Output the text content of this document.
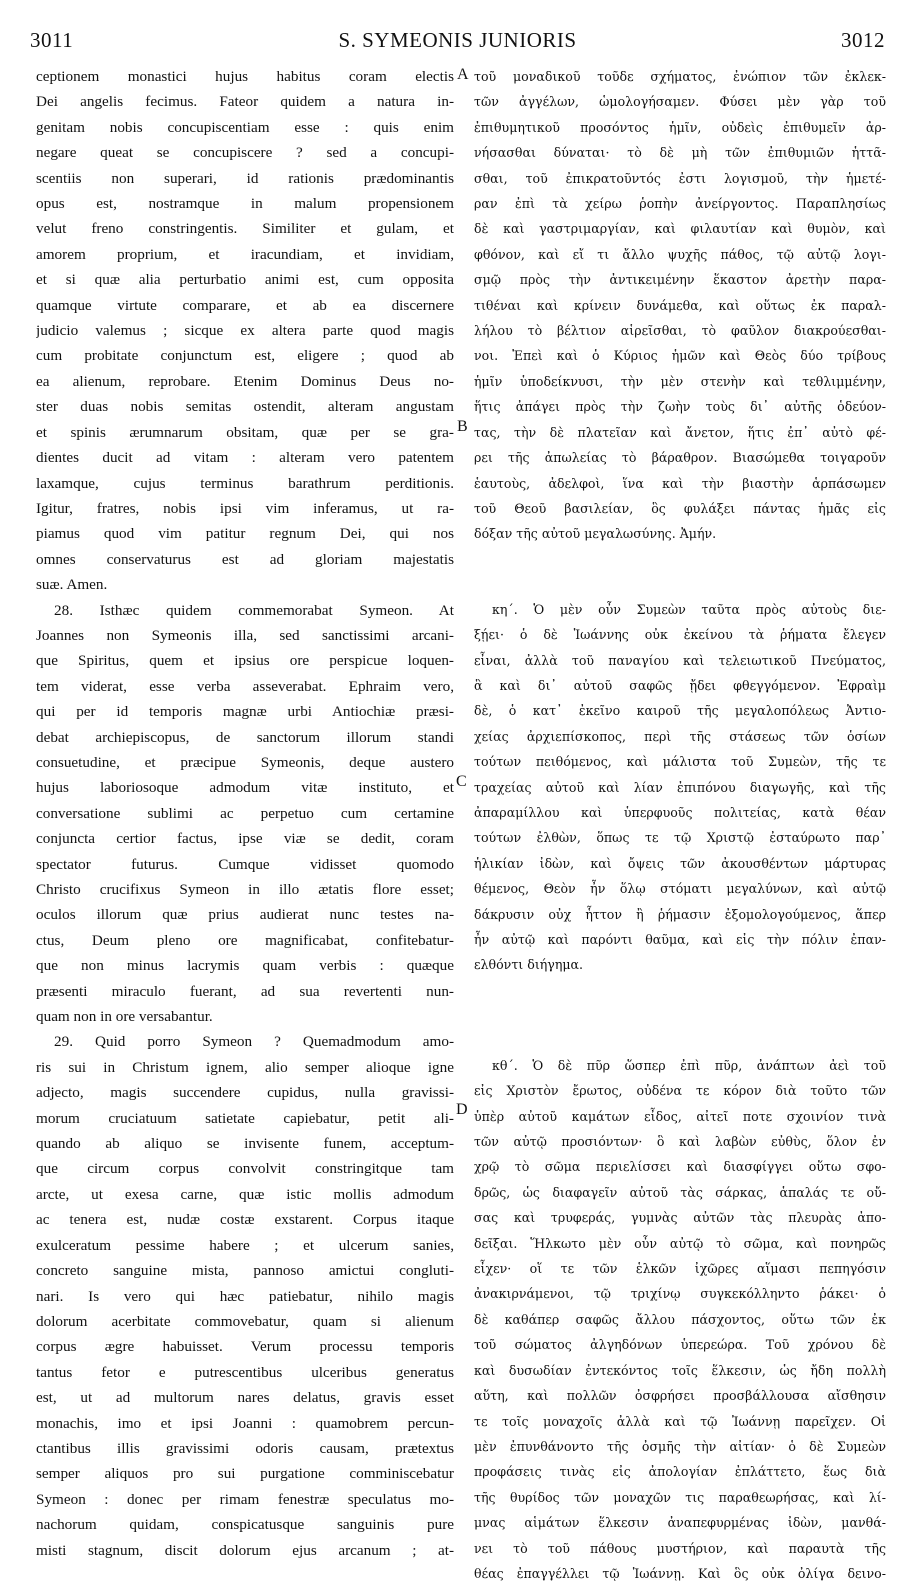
3011	S. SYMEONIS JUNIORIS	3012
A
B
C
D
ceptionem monastici hujus habitus coram electis
Dei angelis fecimus. Fateor quidem a natura in-
genitam nobis concupiscentiam esse : quis enim
negare queat se concupiscere ? sed a concupi-
scentiis non superari, id rationis prædominantis
opus est, nostramque in malum propensionem
velut freno constringentis. Similiter et gulam, et
amorem proprium, et iracundiam, et invidiam,
et si quæ alia perturbatio animi est, cum opposita
quamque virtute comparare, et ab ea discernere
judicio valemus ; sicque ex altera parte quod magis
cum probitate conjunctum est, eligere ; quod ab
ea alienum, reprobare. Etenim Dominus Deus no-
ster duas nobis semitas ostendit, alteram angustam
et spinis ærumnarum obsitam, quæ per se gra-
dientes ducit ad vitam : alteram vero patentem
laxamque, cujus terminus barathrum perditionis.
Igitur, fratres, nobis ipsi vim inferamus, ut ra-
piamus quod vim patitur regnum Dei, qui nos
omnes conservaturus est ad gloriam majestatis
suæ. Amen.
28. Isthæc quidem commemorabat Symeon. At
Joannes non Symeonis illa, sed sanctissimi arcani-
que Spiritus, quem et ipsius ore perspicue loquen-
tem viderat, esse verba asseverabat. Ephraim vero,
qui per id temporis magnæ urbi Antiochiæ præsi-
debat archiepiscopus, de sanctorum illorum standi
consuetudine, et præcipue Symeonis, deque austero
hujus laboriosoque admodum vitæ instituto, et
conversatione sublimi ac perpetuo cum certamine
conjuncta certior factus, ipse viæ se dedit, coram
spectator futurus. Cumque vidisset quomodo
Christo crucifixus Symeon in illo ætatis flore esset;
oculos illorum quæ prius audierat nunc testes na-
ctus, Deum pleno ore magnificabat, confitebatur-
que non minus lacrymis quam verbis : quæque
præsenti miraculo fuerant, ad sua revertenti nun-
quam non in ore versabantur.
29. Quid porro Symeon ? Quemadmodum amo-
ris sui in Christum ignem, alio semper alioque igne
adjecto, magis succendere cupidus, nulla gravissi-
morum cruciatuum satietate capiebatur, petit ali-
quando ab aliquo se invisente funem, acceptum-
que circum corpus convolvit constringitque tam
arcte, ut exesa carne, quæ istic mollis admodum
ac tenera est, nudæ costæ exstarent. Corpus itaque
exulceratum pessime habere ; et ulcerum sanies,
concreto sanguine mista, pannoso amictui congluti-
nari. Is vero qui hæc patiebatur, nihilo magis
dolorum acerbitate commovebatur, quam si alienum
corpus ægre habuisset. Verum processu temporis
tantus fetor e putrescentibus ulceribus generatus
est, ut ad multorum nares delatus, gravis esset
monachis, imo et ipsi Joanni : quamobrem percun-
ctantibus illis gravissimi odoris causam, prætextus
semper aliquos pro sui purgatione comminiscebatur
Symeon : donec per rimam fenestræ speculatus mo-
nachorum quidam, conspicatusque sanguinis pure
misti stagnum, discit dolorum ejus arcanum ; at-
τοῦ μοναδικοῦ τοῦδε σχήματος, ἐνώπιον τῶν ἐκλεκ-
τῶν ἀγγέλων, ὡμολογήσαμεν. Φύσει μὲν γὰρ τοῦ
ἐπιθυμητικοῦ προσόντος ἡμῖν, οὐδεὶς ἐπιθυμεῖν ἀρ-
νήσασθαι δύναται· τὸ δὲ μὴ τῶν ἐπιθυμιῶν ἡττᾶ-
σθαι, τοῦ ἐπικρατοῦντός ἐστι λογισμοῦ, τὴν ἡμετέ-
ραν ἐπὶ τὰ χείρω ῥοπὴν ἀνείργοντος. Παραπλησίως
δὲ καὶ γαστριμαργίαν, καὶ φιλαυτίαν καὶ θυμὸν, καὶ
φθόνον, καὶ εἴ τι ἄλλο ψυχῆς πάθος, τῷ αὐτῷ λογι-
σμῷ πρὸς τὴν ἀντικειμένην ἕκαστον ἀρετὴν παρα-
τιθέναι καὶ κρίνειν δυνάμεθα, καὶ οὕτως ἐκ παραλ-
λήλου τὸ βέλτιον αἱρεῖσθαι, τὸ φαῦλον διακρούεσθαι-
νοι. Ἐπεὶ καὶ ὁ Κύριος ἡμῶν καὶ Θεὸς δύο τρίβους
ἡμῖν ὑποδείκνυσι, τὴν μὲν στενὴν καὶ τεθλιμμένην,
ἥτις ἀπάγει πρὸς τὴν ζωὴν τοὺς δι᾽ αὐτῆς ὁδεύον-
τας, τὴν δὲ πλατεῖαν καὶ ἄνετον, ἥτις ἐπ᾽ αὐτὸ φέ-
ρει τῆς ἀπωλείας τὸ βάραθρον. Βιασώμεθα τοιγαροῦν
ἑαυτοὺς, ἀδελφοὶ, ἵνα καὶ τὴν βιαστὴν ἁρπάσωμεν
τοῦ Θεοῦ βασιλείαν, ὃς φυλάξει πάντας ἡμᾶς εἰς
δόξαν τῆς αὐτοῦ μεγαλωσύνης. Ἀμήν.
κη΄. Ὁ μὲν οὖν Συμεὼν ταῦτα πρὸς αὐτοὺς διε-
ξῄει· ὁ δὲ Ἰωάννης οὐκ ἐκείνου τὰ ῥήματα ἔλεγεν
εἶναι, ἀλλὰ τοῦ παναγίου καὶ τελειωτικοῦ Πνεύματος,
ἃ καὶ δι᾽ αὐτοῦ σαφῶς ᾔδει φθεγγόμενον. Ἐφραὶμ
δὲ, ὁ κατ᾽ ἐκεῖνο καιροῦ τῆς μεγαλοπόλεως Ἀντιο-
χείας ἀρχιεπίσκοπος, περὶ τῆς στάσεως τῶν ὁσίων
τούτων πειθόμενος, καὶ μάλιστα τοῦ Συμεὼν, τῆς τε
τραχείας αὐτοῦ καὶ λίαν ἐπιπόνου διαγωγῆς, καὶ τῆς
ἀπαραμίλλου καὶ ὑπερφυοῦς πολιτείας, κατὰ θέαν
τούτων ἐλθὼν, ὅπως τε τῷ Χριστῷ ἐσταύρωτο παρ᾽
ἡλικίαν ἰδὼν, καὶ ὄψεις τῶν ἀκουσθέντων μάρτυρας
θέμενος, Θεὸν ἦν ὅλῳ στόματι μεγαλύνων, καὶ αὐτῷ
δάκρυσιν οὐχ ἧττον ἢ ῥήμασιν ἐξομολογούμενος, ἅπερ
ἦν αὐτῷ καὶ παρόντι θαῦμα, καὶ εἰς τὴν πόλιν ἐπαν-
ελθόντι διήγημα.
κθ΄. Ὁ δὲ πῦρ ὥσπερ ἐπὶ πῦρ, ἀνάπτων ἀεὶ τοῦ
εἰς Χριστὸν ἔρωτος, οὐδένα τε κόρον διὰ τοῦτο τῶν
ὑπὲρ αὐτοῦ καμάτων εἶδος, αἰτεῖ ποτε σχοινίον τινὰ
τῶν αὐτῷ προσιόντων· ὃ καὶ λαβὼν εὐθὺς, ὅλον ἐν
χρῷ τὸ σῶμα περιελίσσει καὶ διασφίγγει οὕτω σφο-
δρῶς, ὡς διαφαγεῖν αὐτοῦ τὰς σάρκας, ἁπαλάς τε οὔ-
σας καὶ τρυφεράς, γυμνὰς αὐτῶν τὰς πλευρὰς ἀπο-
δεῖξαι. Ἥλκωτο μὲν οὖν αὐτῷ τὸ σῶμα, καὶ πονηρῶς
εἶχεν· οἵ τε τῶν ἑλκῶν ἰχῶρες αἵμασι πεπηγόσιν
ἀνακιρνάμενοι, τῷ τριχίνῳ συγκεκόλληντο ῥάκει· ὁ
δὲ καθάπερ σαφῶς ἄλλου πάσχοντος, οὕτω τῶν ἐκ
τοῦ σώματος ἀλγηδόνων ὑπερεώρα. Τοῦ χρόνου δὲ
καὶ δυσωδίαν ἐντεκόντος τοῖς ἕλκεσιν, ὡς ἤδη πολλὴ
αὕτη, καὶ πολλῶν ὀσφρήσει προσβάλλουσα αἴσθησιν
τε τοῖς μοναχοῖς ἀλλὰ καὶ τῷ Ἰωάννῃ παρεῖχεν. Οἱ
μὲν ἐπυνθάνοντο τῆς ὀσμῆς τὴν αἰτίαν· ὁ δὲ Συμεὼν
προφάσεις τινὰς εἰς ἀπολογίαν ἐπλάττετο, ἕως διὰ
τῆς θυρίδος τῶν μοναχῶν τις παραθεωρήσας, καὶ λί-
μνας αἱμάτων ἕλκεσιν ἀναπεφυρμένας ἰδὼν, μανθά-
νει τὸ τοῦ πάθους μυστήριον, καὶ παραυτὰ τῆς
θέας ἐπαγγέλλει τῷ Ἰωάννῃ. Καὶ ὃς οὐκ ὀλίγα δεινο-
